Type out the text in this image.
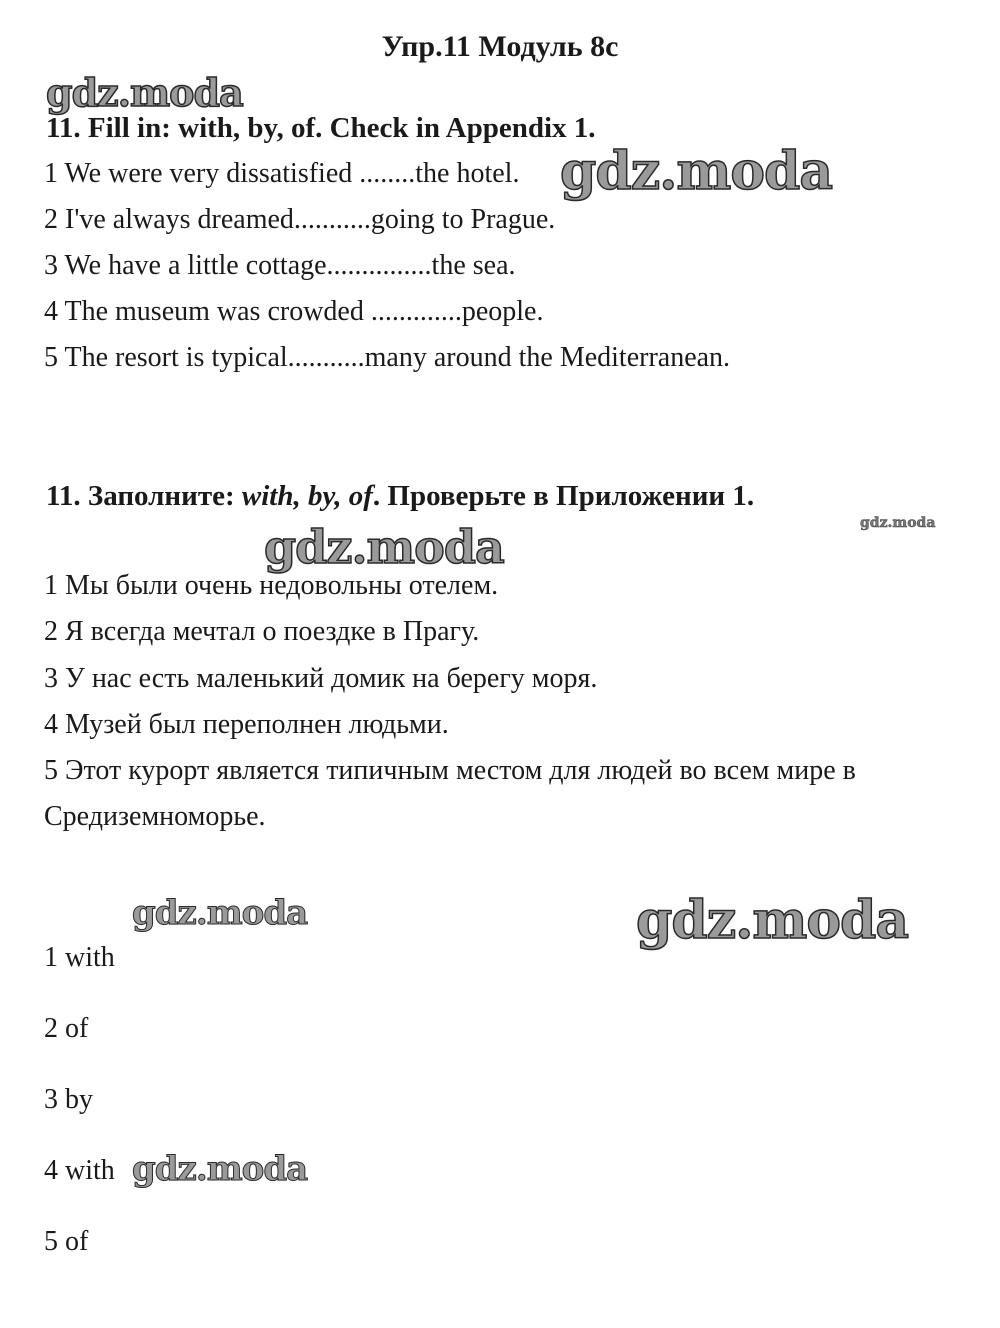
Упр.11 Модуль 8с
gdz.moda
gdz.moda
gdz.moda
gdz.moda
gdz.moda	gdz.moda
gdz.moda
11. Fill in: with, by, of. Check in Appendix 1.
1 We were very dissatisfied ........the hotel.
2 I've always dreamed...........going to Prague.
3 We have a little cottage...............the sea.
4 The museum was crowded .............people.
5 The resort is typical...........many around the Mediterranean.
11. Заполните: with, by, of. Проверьте в Приложении 1.
1 Мы были очень недовольны отелем.
2 Я всегда мечтал о поездке в Прагу.
3 У нас есть маленький домик на берегу моря.
4 Музей был переполнен людьми.
5 Этот курорт является типичным местом для людей во всем мире в
Средиземноморье.
1 with
2 of
3 by
4 with
5 of
